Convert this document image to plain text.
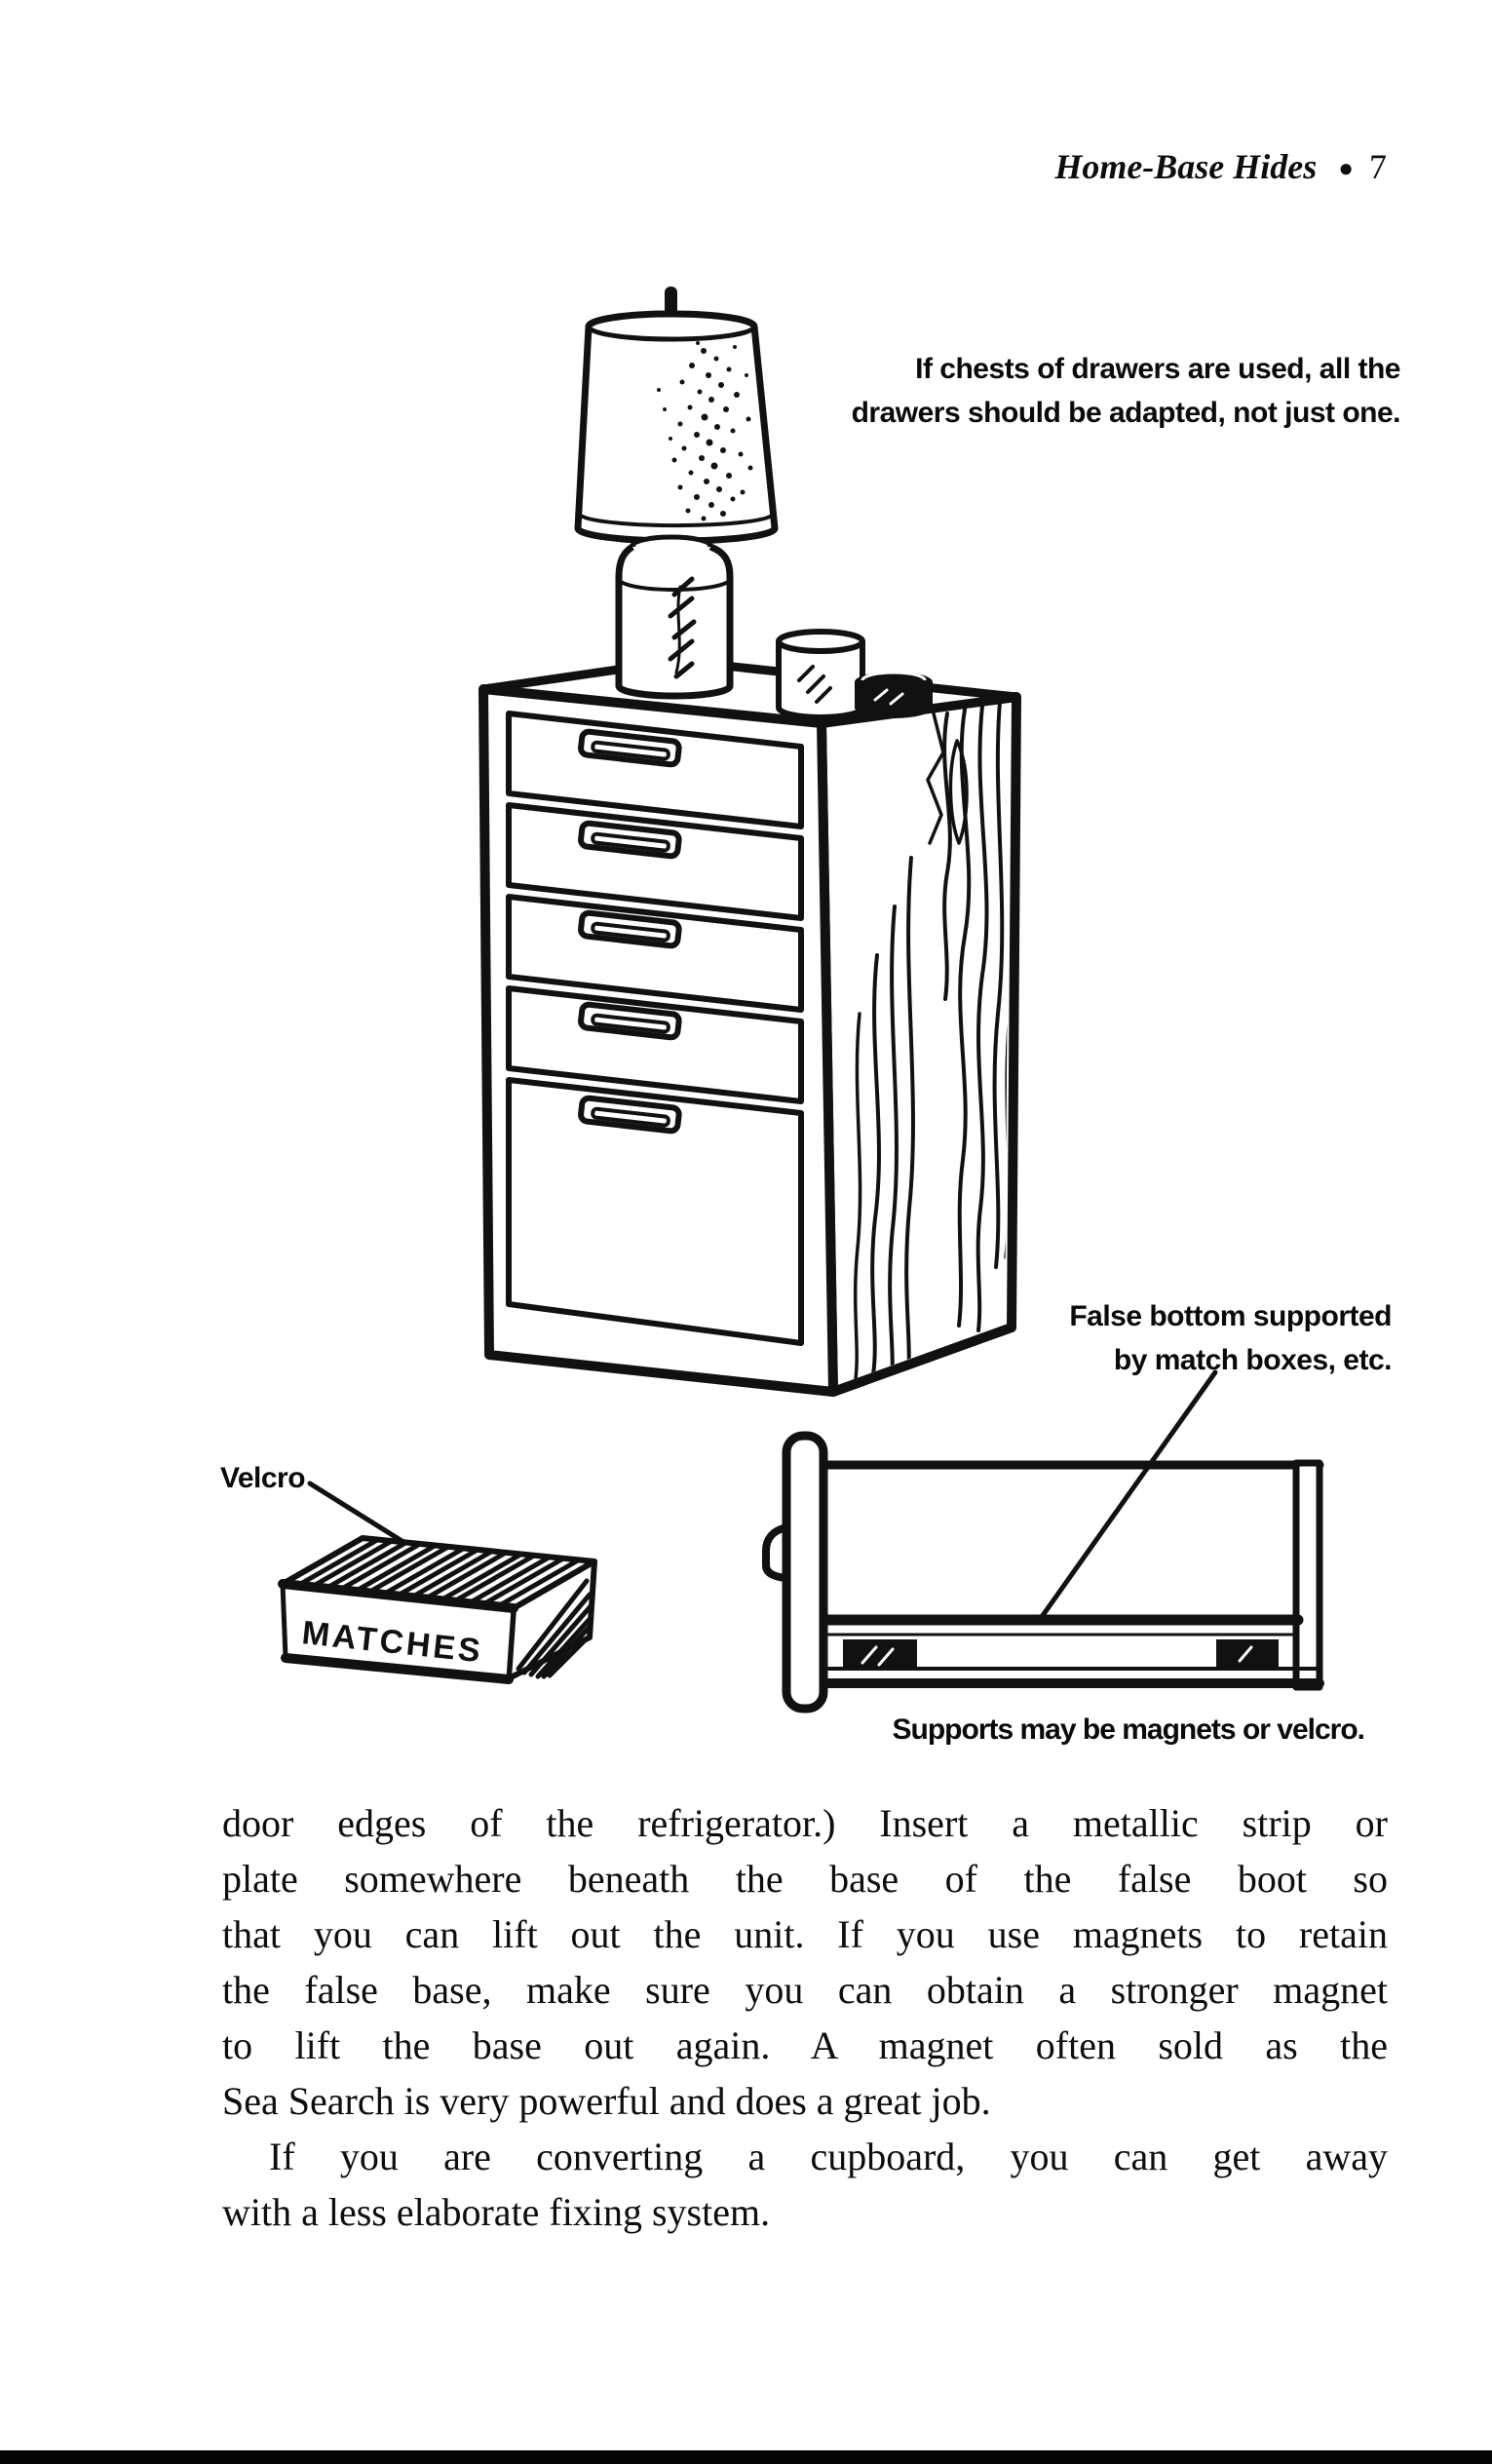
Home-Base Hides ● 7
If chests of drawers are used, all the
drawers should be adapted, not just one.
False bottom supported
by match boxes, etc.
Velcro
MATCHES
Supports may be magnets or velcro.
door edges of the refrigerator.) Insert a metallic strip or
plate somewhere beneath the base of the false boot so
that you can lift out the unit. If you use magnets to retain
the false base, make sure you can obtain a stronger magnet
to lift the base out again. A magnet often sold as the
Sea Search is very powerful and does a great job.
If you are converting a cupboard, you can get away
with a less elaborate fixing system.
